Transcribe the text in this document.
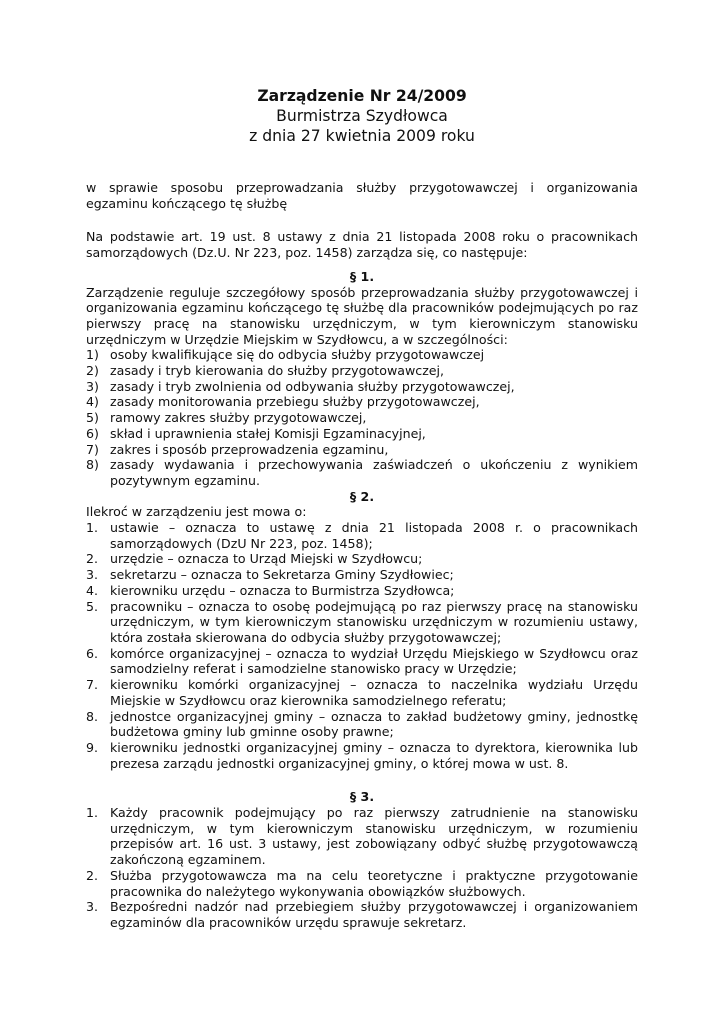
Zarządzenie Nr 24/2009
Burmistrza Szydłowca
z dnia 27 kwietnia 2009 roku

w sprawie sposobu przeprowadzania służby przygotowawczej i organizowania egzaminu kończącego tę służbę

Na podstawie art. 19 ust. 8 ustawy z dnia 21 listopada 2008 roku o pracownikach samorządowych (Dz.U. Nr 223, poz. 1458) zarządza się, co następuje:

§ 1.

Zarządzenie reguluje szczegółowy sposób przeprowadzania służby przygotowawczej i organizowania egzaminu kończącego tę służbę dla pracowników podejmujących po raz pierwszy pracę na stanowisku urzędniczym, w tym kierowniczym stanowisku urzędniczym w Urzędzie Miejskim w Szydłowcu, a w szczególności:

1) osoby kwalifikujące się do odbycia służby przygotowawczej
2) zasady i tryb kierowania do służby przygotowawczej,
3) zasady i tryb zwolnienia od odbywania służby przygotowawczej,
4) zasady monitorowania przebiegu służby przygotowawczej,
5) ramowy zakres służby przygotowawczej,
6) skład i uprawnienia stałej Komisji Egzaminacyjnej,
7) zakres i sposób przeprowadzenia egzaminu,
8) zasady wydawania i przechowywania zaświadczeń o ukończeniu z wynikiem pozytywnym egzaminu.

§ 2.

Ilekroć w zarządzeniu jest mowa o:

1. ustawie – oznacza to ustawę z dnia 21 listopada 2008 r. o pracownikach samorządowych (DzU Nr 223, poz. 1458);
2. urzędzie – oznacza to Urząd Miejski w Szydłowcu;
3. sekretarzu – oznacza to Sekretarza Gminy Szydłowiec;
4. kierowniku urzędu – oznacza to Burmistrza Szydłowca;
5. pracowniku – oznacza to osobę podejmującą po raz pierwszy pracę na stanowisku urzędniczym, w tym kierowniczym stanowisku urzędniczym w rozumieniu ustawy, która została skierowana do odbycia służby przygotowawczej;
6. komórce organizacyjnej – oznacza to wydział Urzędu Miejskiego w Szydłowcu oraz samodzielny referat i samodzielne stanowisko pracy w Urzędzie;
7. kierowniku komórki organizacyjnej – oznacza to naczelnika wydziału Urzędu Miejskie w Szydłowcu oraz kierownika samodzielnego referatu;
8. jednostce organizacyjnej gminy – oznacza to zakład budżetowy gminy, jednostkę budżetowa gminy lub gminne osoby prawne;
9. kierowniku jednostki organizacyjnej gminy – oznacza to dyrektora, kierownika lub prezesa zarządu jednostki organizacyjnej gminy, o której mowa w ust. 8.

§ 3.

1. Każdy pracownik podejmujący po raz pierwszy zatrudnienie na stanowisku urzędniczym, w tym kierowniczym stanowisku urzędniczym, w rozumieniu przepisów art. 16 ust. 3 ustawy, jest zobowiązany odbyć służbę przygotowawczą zakończoną egzaminem.
2. Służba przygotowawcza ma na celu teoretyczne i praktyczne przygotowanie pracownika do należytego wykonywania obowiązków służbowych.
3. Bezpośredni nadzór nad przebiegiem służby przygotowawczej i organizowaniem egzaminów dla pracowników urzędu sprawuje sekretarz.
